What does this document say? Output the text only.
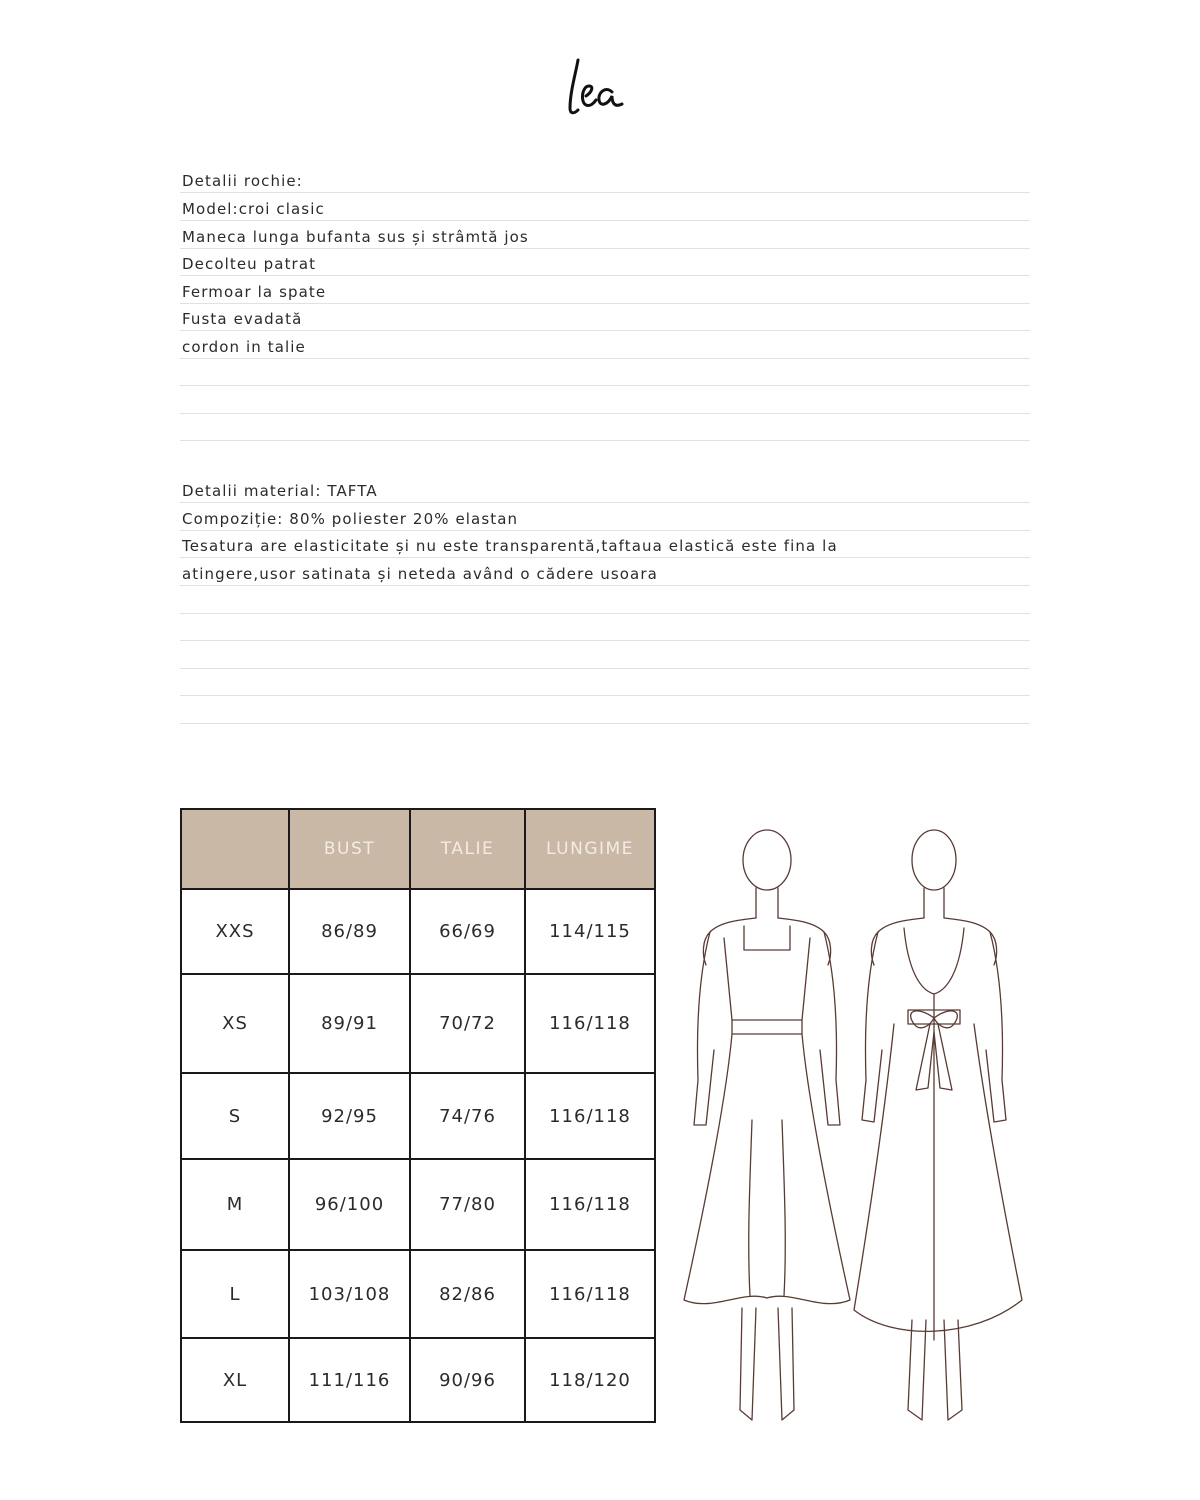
Detalii rochie:
Model:croi clasic
Maneca lunga bufanta sus și strâmtă jos
Decolteu patrat
Fermoar la spate
Fusta evadată
cordon in talie
Detalii material: TAFTA
Compoziție: 80% poliester 20% elastan
Tesatura are elasticitate și nu este transparentă,taftaua elastică este fina la
atingere,usor satinata și neteda având o cădere usoara
	BUST	TALIE	LUNGIME
XXS	86/89	66/69	114/115
XS	89/91	70/72	116/118
S	92/95	74/76	116/118
M	96/100	77/80	116/118
L	103/108	82/86	116/118
XL	111/116	90/96	118/120
